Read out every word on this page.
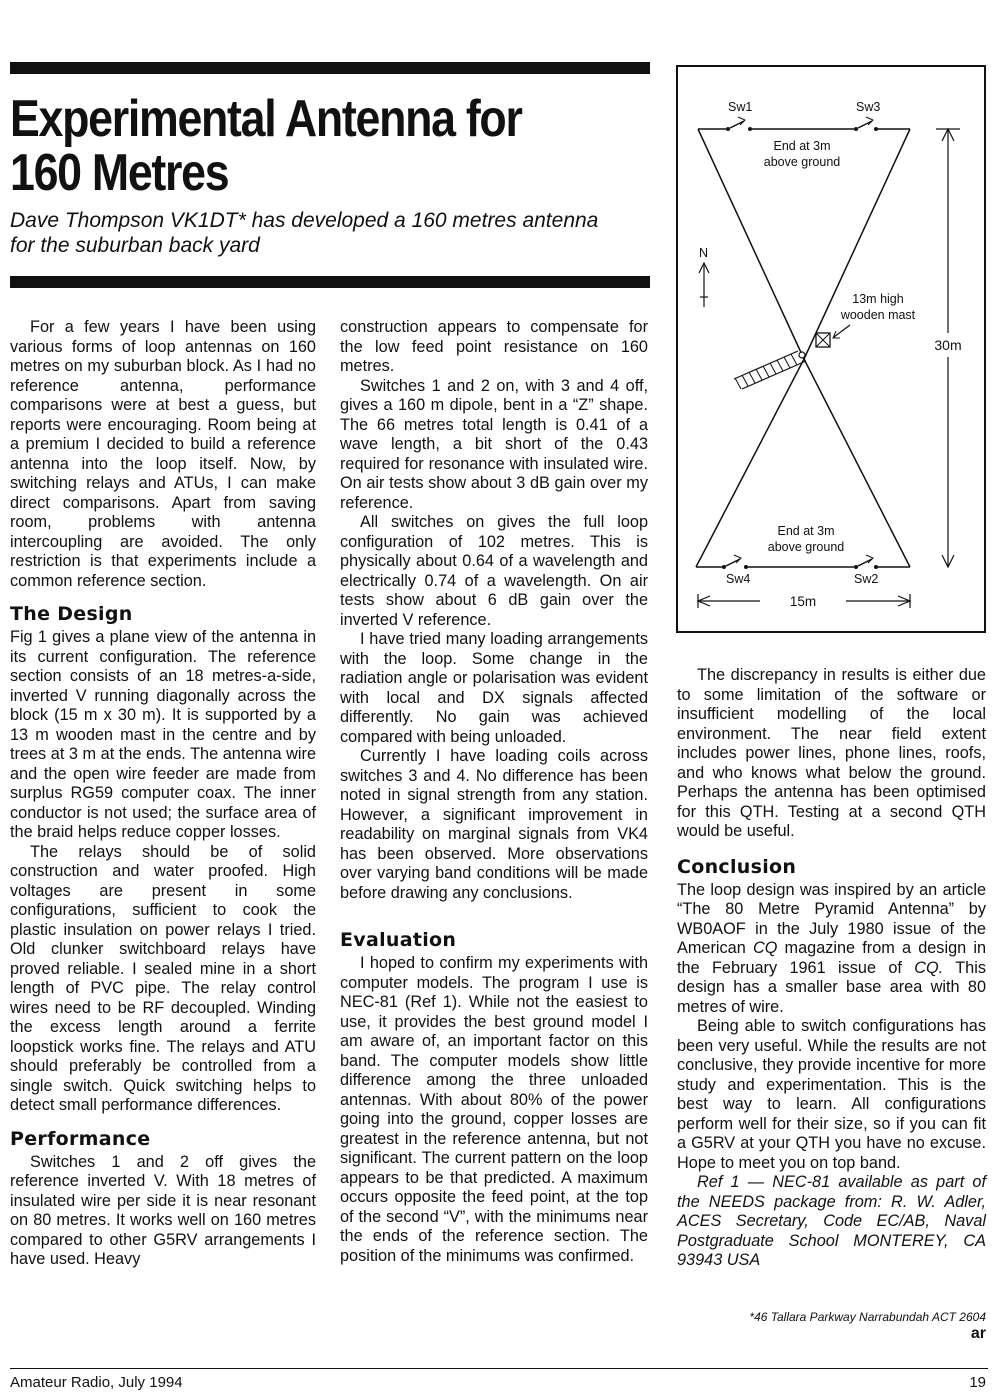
Experimental Antenna for
160 Metres

Dave Thompson VK1DT* has developed a 160 metres antenna
for the suburban back yard

Sw1	Sw3
End at 3m
above ground
13m high
wooden mast
N
30m
End at 3m
above ground
Sw4	Sw2
15m

For a few years I have been using various forms of loop antennas on 160 metres on my suburban block. As I had no reference antenna, performance comparisons were at best a guess, but reports were encouraging. Room being at a premium I decided to build a reference antenna into the loop itself. Now, by switching relays and ATUs, I can make direct comparisons. Apart from saving room, problems with antenna intercoupling are avoided. The only restriction is that experiments include a common reference section.

The Design

Fig 1 gives a plane view of the antenna in its current configuration. The reference section consists of an 18 metres-a-side, inverted V running diagonally across the block (15 m x 30 m). It is supported by a 13 m wooden mast in the centre and by trees at 3 m at the ends. The antenna wire and the open wire feeder are made from surplus RG59 computer coax. The inner conductor is not used; the surface area of the braid helps reduce copper losses.

The relays should be of solid construction and water proofed. High voltages are present in some configurations, sufficient to cook the plastic insulation on power relays I tried. Old clunker switchboard relays have proved reliable. I sealed mine in a short length of PVC pipe. The relay control wires need to be RF decoupled. Winding the excess length around a ferrite loopstick works fine. The relays and ATU should preferably be controlled from a single switch. Quick switching helps to detect small performance differences.

Performance

Switches 1 and 2 off gives the reference inverted V. With 18 metres of insulated wire per side it is near resonant on 80 metres. It works well on 160 metres compared to other G5RV arrangements I have used. Heavy

construction appears to compensate for the low feed point resistance on 160 metres.

Switches 1 and 2 on, with 3 and 4 off, gives a 160 m dipole, bent in a “Z” shape. The 66 metres total length is 0.41 of a wave length, a bit short of the 0.43 required for resonance with insulated wire. On air tests show about 3 dB gain over my reference.

All switches on gives the full loop configuration of 102 metres. This is physically about 0.64 of a wavelength and electrically 0.74 of a wavelength. On air tests show about 6 dB gain over the inverted V reference.

I have tried many loading arrangements with the loop. Some change in the radiation angle or polarisation was evident with local and DX signals affected differently. No gain was achieved compared with being unloaded.

Currently I have loading coils across switches 3 and 4. No difference has been noted in signal strength from any station. However, a significant improvement in readability on marginal signals from VK4 has been observed. More observations over varying band conditions will be made before drawing any conclusions.

Evaluation

I hoped to confirm my experiments with computer models. The program I use is NEC-81 (Ref 1). While not the easiest to use, it provides the best ground model I am aware of, an important factor on this band. The computer models show little difference among the three unloaded antennas. With about 80% of the power going into the ground, copper losses are greatest in the reference antenna, but not significant. The current pattern on the loop appears to be that predicted. A maximum occurs opposite the feed point, at the top of the second “V”, with the minimums near the ends of the reference section. The position of the minimums was confirmed.

The discrepancy in results is either due to some limitation of the software or insufficient modelling of the local environment. The near field extent includes power lines, phone lines, roofs, and who knows what below the ground. Perhaps the antenna has been optimised for this QTH. Testing at a second QTH would be useful.

Conclusion

The loop design was inspired by an article “The 80 Metre Pyramid Antenna” by WB0AOF in the July 1980 issue of the American CQ magazine from a design in the February 1961 issue of CQ. This design has a smaller base area with 80 metres of wire.

Being able to switch configurations has been very useful. While the results are not conclusive, they provide incentive for more study and experimentation. This is the best way to learn. All configurations perform well for their size, so if you can fit a G5RV at your QTH you have no excuse. Hope to meet you on top band.

Ref 1 — NEC-81 available as part of the NEEDS package from: R. W. Adler, ACES Secretary, Code EC/AB, Naval Postgraduate School MONTEREY, CA 93943 USA

*46 Tallara Parkway Narrabundah ACT 2604
ar
Amateur Radio, July 1994	19
